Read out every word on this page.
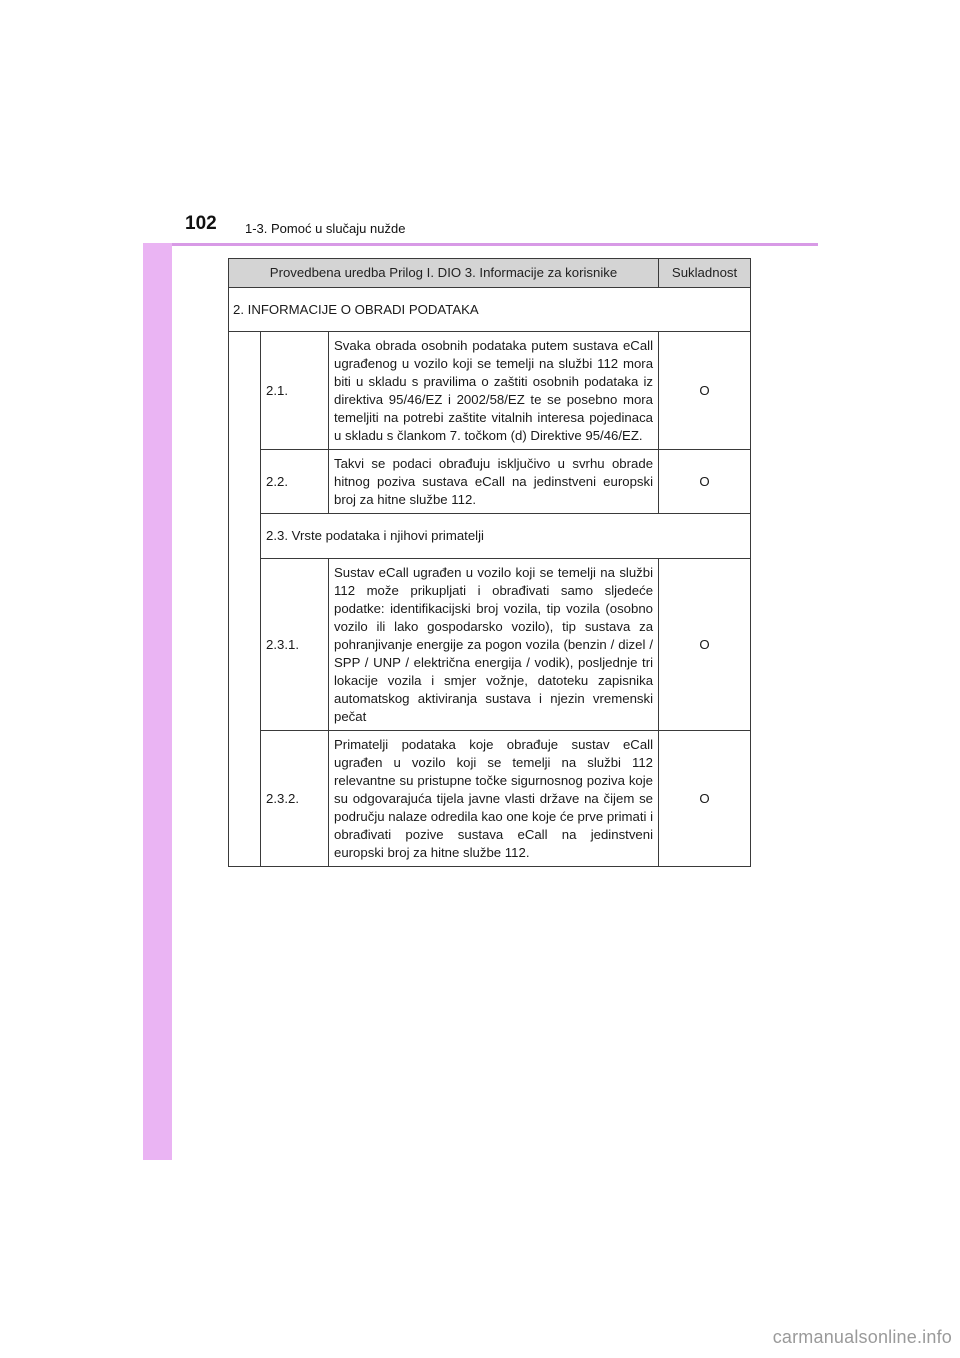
102 1-3. Pomoć u slučaju nužde
Provedbena uredba Prilog I. DIO 3. Informacije za korisnike			Sukladnost
2. INFORMACIJE O OBRADI PODATAKA			
	2.1.	Svaka obrada osobnih podataka putem sustava eCall ugrađenog u vozilo koji se temelji na službi 112 mora biti u skladu s pravilima o zaštiti osobnih podataka iz direktiva 95/46/EZ i 2002/58/EZ te se posebno mora temeljiti na potrebi zaštite vitalnih interesa pojedinaca u skladu s člankom 7. točkom (d) Direktive 95/46/EZ.	O
	2.2.	Takvi se podaci obrađuju isključivo u svrhu obrade hitnog poziva sustava eCall na jedinstveni europski broj za hitne službe 112.	O
	2.3. Vrste podataka i njihovi primatelji		
	2.3.1.	Sustav eCall ugrađen u vozilo koji se temelji na službi 112 može prikupljati i obrađivati samo sljedeće podatke: identifikacijski broj vozila, tip vozila (osobno vozilo ili lako gospodarsko vozilo), tip sustava za pohranjivanje energije za pogon vozila (benzin / dizel / SPP / UNP / električna energija / vodik), posljednje tri lokacije vozila i smjer vožnje, datoteku zapisnika automatskog aktiviranja sustava i njezin vremenski pečat	O
	2.3.2.	Primatelji podataka koje obrađuje sustav eCall ugrađen u vozilo koji se temelji na službi 112 relevantne su pristupne točke sigurnosnog poziva koje su odgovarajuća tijela javne vlasti države na čijem se području nalaze odredila kao one koje će prve primati i obrađivati pozive sustava eCall na jedinstveni europski broj za hitne službe 112.	O
carmanualsonline.info
